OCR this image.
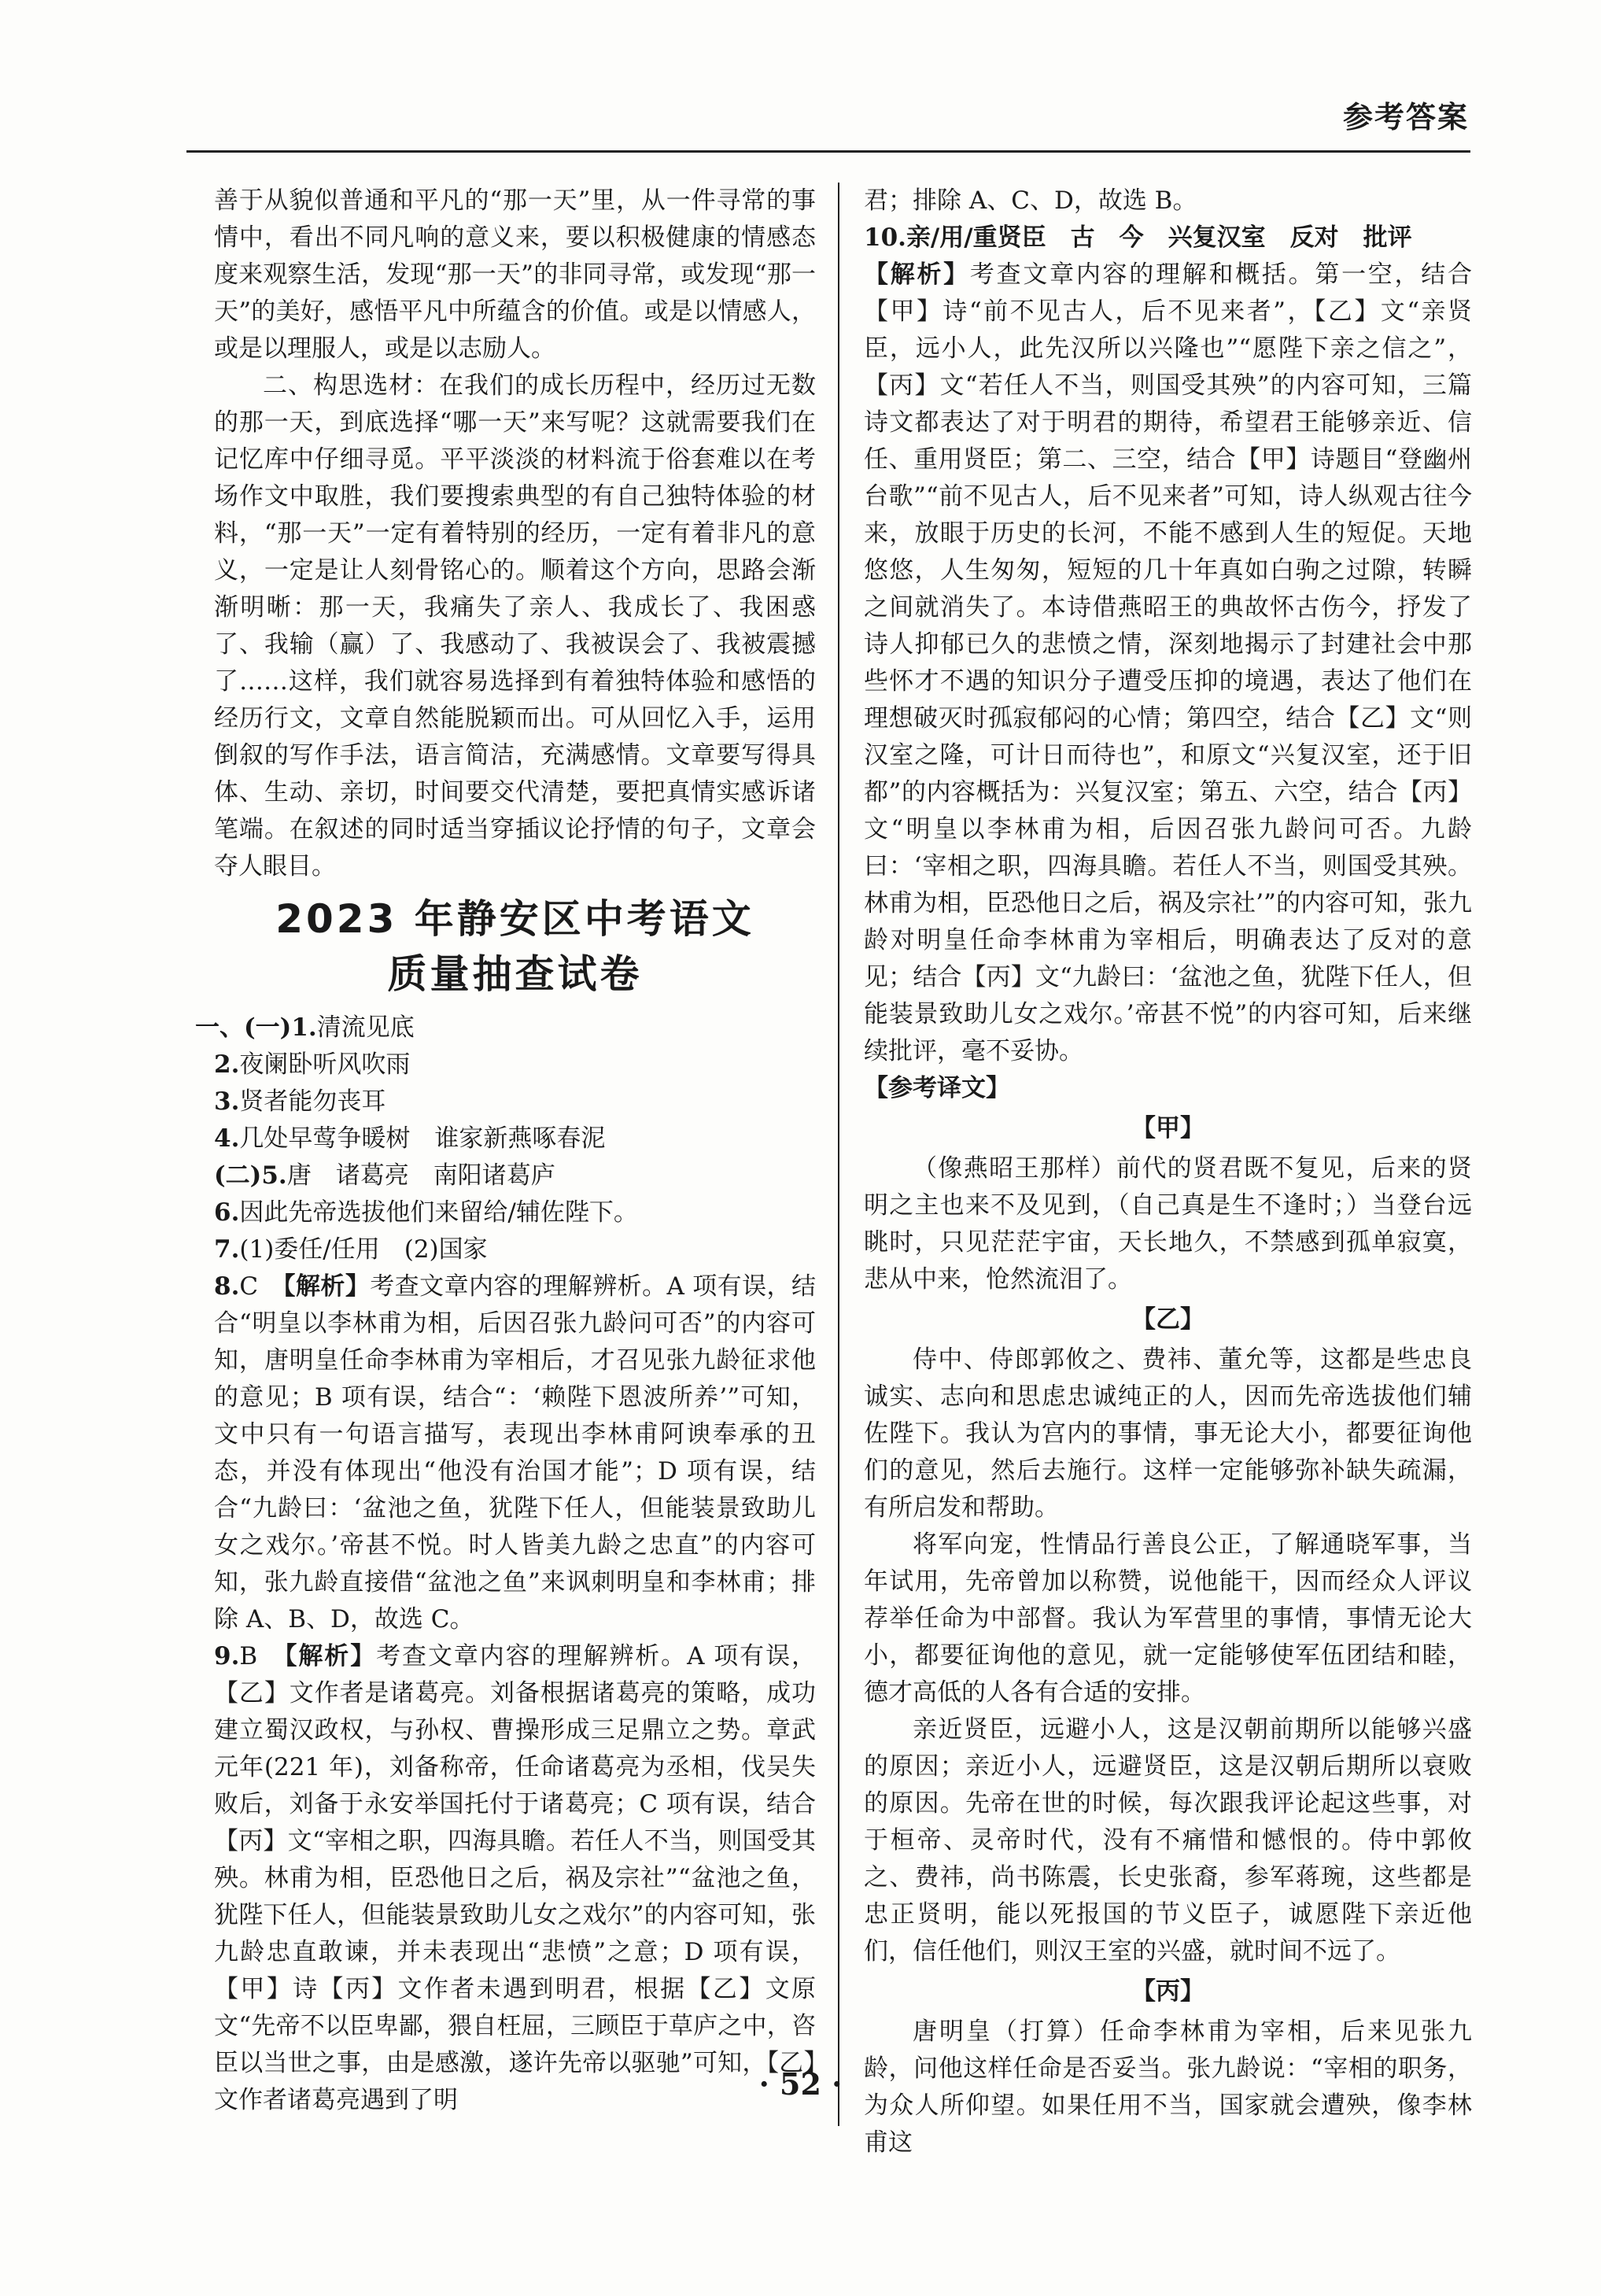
参考答案

善于从貌似普通和平凡的“那一天”里，从一件寻常的事情中，看出不同凡响的意义来，要以积极健康的情感态度来观察生活，发现“那一天”的非同寻常，或发现“那一天”的美好，感悟平凡中所蕴含的价值。或是以情感人，或是以理服人，或是以志励人。

二、构思选材：在我们的成长历程中，经历过无数的那一天，到底选择“哪一天”来写呢？这就需要我们在记忆库中仔细寻觅。平平淡淡的材料流于俗套难以在考场作文中取胜，我们要搜索典型的有自己独特体验的材料，“那一天”一定有着特别的经历，一定有着非凡的意义，一定是让人刻骨铭心的。顺着这个方向，思路会渐渐明晰：那一天，我痛失了亲人、我成长了、我困惑了、我输（赢）了、我感动了、我被误会了、我被震撼了……这样，我们就容易选择到有着独特体验和感悟的经历行文，文章自然能脱颖而出。可从回忆入手，运用倒叙的写作手法，语言简洁，充满感情。文章要写得具体、生动、亲切，时间要交代清楚，要把真情实感诉诸笔端。在叙述的同时适当穿插议论抒情的句子，文章会夺人眼目。

2023 年静安区中考语文
质量抽查试卷

一、(一)1.清流见底

2.夜阑卧听风吹雨

3.贤者能勿丧耳

4.几处早莺争暖树　谁家新燕啄春泥

(二)5.唐　诸葛亮　南阳诸葛庐

6.因此先帝选拔他们来留给/辅佐陛下。

7.(1)委任/任用　(2)国家

8.C　 【解析】考查文章内容的理解辨析。A 项有误，结合“明皇以李林甫为相，后因召张九龄问可否”的内容可知，唐明皇任命李林甫为宰相后，才召见张九龄征求他的意见；B 项有误，结合“：‘赖陛下恩波所养’”可知，文中只有一句语言描写，表现出李林甫阿谀奉承的丑态，并没有体现出“他没有治国才能”；D 项有误，结合“九龄曰：‘盆池之鱼，犹陛下任人，但能装景致助儿女之戏尔。’帝甚不悦。时人皆美九龄之忠直”的内容可知，张九龄直接借“盆池之鱼”来讽刺明皇和李林甫；排除 A、B、D，故选 C。

9.B　 【解析】考查文章内容的理解辨析。A 项有误，【乙】文作者是诸葛亮。刘备根据诸葛亮的策略，成功建立蜀汉政权，与孙权、曹操形成三足鼎立之势。章武元年(221 年)，刘备称帝，任命诸葛亮为丞相，伐吴失败后，刘备于永安举国托付于诸葛亮；C 项有误，结合【丙】文“宰相之职，四海具瞻。若任人不当，则国受其殃。林甫为相，臣恐他日之后，祸及宗社”“盆池之鱼，犹陛下任人，但能装景致助儿女之戏尔”的内容可知，张九龄忠直敢谏，并未表现出“悲愤”之意；D 项有误，【甲】诗【丙】文作者未遇到明君，根据【乙】文原文“先帝不以臣卑鄙，猥自枉屈，三顾臣于草庐之中，咨臣以当世之事，由是感激，遂许先帝以驱驰”可知，【乙】文作者诸葛亮遇到了明

君；排除 A、C、D，故选 B。

10.亲/用/重贤臣　古　今　兴复汉室　反对　批评

【解析】考查文章内容的理解和概括。第一空，结合【甲】诗“前不见古人，后不见来者”，【乙】文“亲贤臣，远小人，此先汉所以兴隆也”“愿陛下亲之信之”，【丙】文“若任人不当，则国受其殃”的内容可知，三篇诗文都表达了对于明君的期待，希望君王能够亲近、信任、重用贤臣；第二、三空，结合【甲】诗题目“登幽州台歌”“前不见古人，后不见来者”可知，诗人纵观古往今来，放眼于历史的长河，不能不感到人生的短促。天地悠悠，人生匆匆，短短的几十年真如白驹之过隙，转瞬之间就消失了。本诗借燕昭王的典故怀古伤今，抒发了诗人抑郁已久的悲愤之情，深刻地揭示了封建社会中那些怀才不遇的知识分子遭受压抑的境遇，表达了他们在理想破灭时孤寂郁闷的心情；第四空，结合【乙】文“则汉室之隆，可计日而待也”，和原文“兴复汉室，还于旧都”的内容概括为：兴复汉室；第五、六空，结合【丙】文“明皇以李林甫为相，后因召张九龄问可否。九龄曰：‘宰相之职，四海具瞻。若任人不当，则国受其殃。林甫为相，臣恐他日之后，祸及宗社’”的内容可知，张九龄对明皇任命李林甫为宰相后，明确表达了反对的意见；结合【丙】文“九龄曰：‘盆池之鱼，犹陛下任人，但能装景致助儿女之戏尔。’帝甚不悦”的内容可知，后来继续批评，毫不妥协。

【参考译文】

【甲】

（像燕昭王那样）前代的贤君既不复见，后来的贤明之主也来不及见到，（自己真是生不逢时；）当登台远眺时，只见茫茫宇宙，天长地久，不禁感到孤单寂寞，悲从中来，怆然流泪了。

【乙】

侍中、侍郎郭攸之、费祎、董允等，这都是些忠良诚实、志向和思虑忠诚纯正的人，因而先帝选拔他们辅佐陛下。我认为宫内的事情，事无论大小，都要征询他们的意见，然后去施行。这样一定能够弥补缺失疏漏，有所启发和帮助。

将军向宠，性情品行善良公正，了解通晓军事，当年试用，先帝曾加以称赞，说他能干，因而经众人评议荐举任命为中部督。我认为军营里的事情，事情无论大小，都要征询他的意见，就一定能够使军伍团结和睦，德才高低的人各有合适的安排。

亲近贤臣，远避小人，这是汉朝前期所以能够兴盛的原因；亲近小人，远避贤臣，这是汉朝后期所以衰败的原因。先帝在世的时候，每次跟我评论起这些事，对于桓帝、灵帝时代，没有不痛惜和憾恨的。侍中郭攸之、费祎，尚书陈震，长史张裔，参军蒋琬，这些都是忠正贤明，能以死报国的节义臣子，诚愿陛下亲近他们，信任他们，则汉王室的兴盛，就时间不远了。

【丙】

唐明皇（打算）任命李林甫为宰相，后来见张九龄，问他这样任命是否妥当。张九龄说：“宰相的职务，为众人所仰望。如果任用不当，国家就会遭殃，像李林甫这

· 52 ·
